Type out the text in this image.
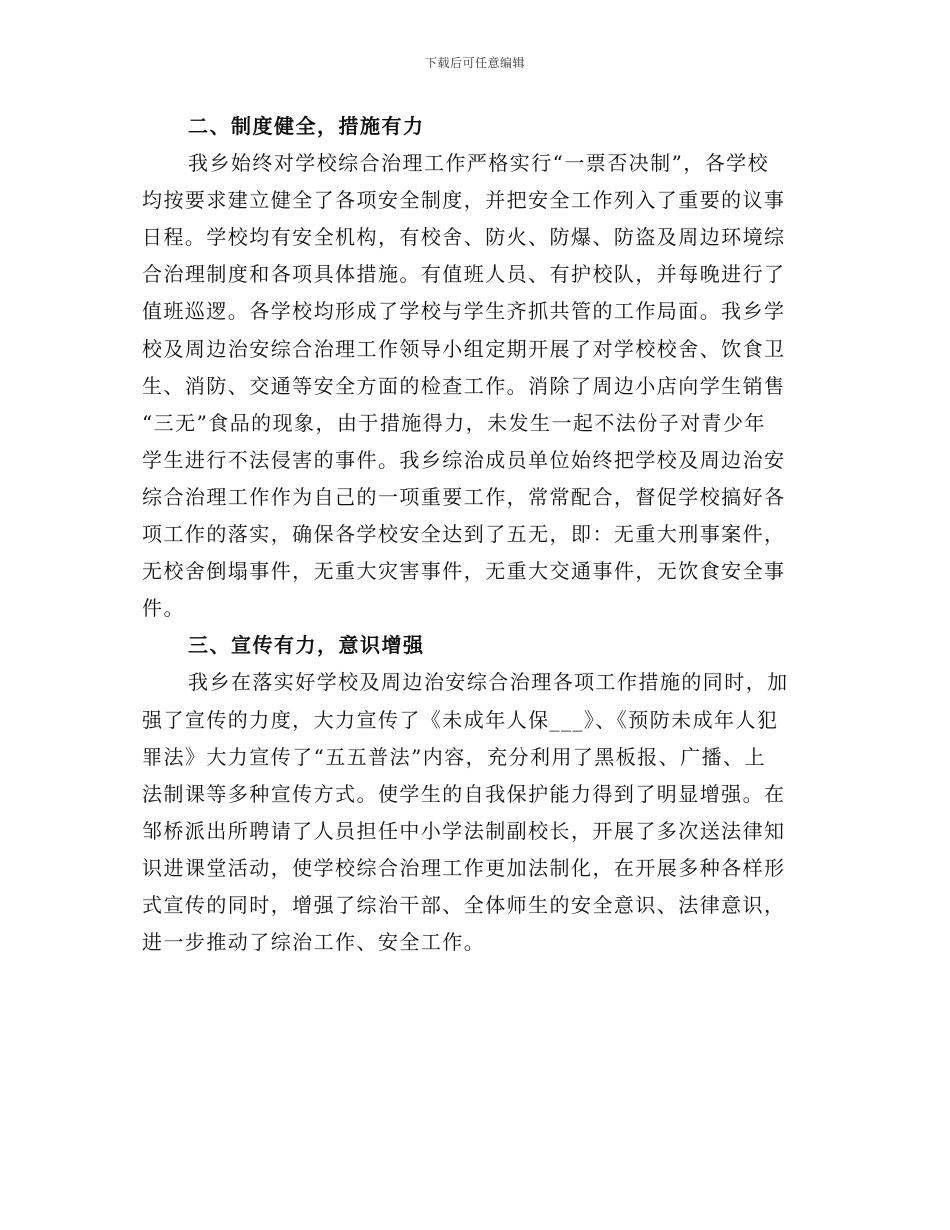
下载后可任意编辑
二、制度健全，措施有力
我乡始终对学校综合治理工作严格实行“一票否决制”，各学校
均按要求建立健全了各项安全制度，并把安全工作列入了重要的议事
日程。学校均有安全机构，有校舍、防火、防爆、防盗及周边环境综
合治理制度和各项具体措施。有值班人员、有护校队，并每晚进行了
值班巡逻。各学校均形成了学校与学生齐抓共管的工作局面。我乡学
校及周边治安综合治理工作领导小组定期开展了对学校校舍、饮食卫
生、消防、交通等安全方面的检查工作。消除了周边小店向学生销售
“三无”食品的现象，由于措施得力，未发生一起不法份子对青少年
学生进行不法侵害的事件。我乡综治成员单位始终把学校及周边治安
综合治理工作作为自己的一项重要工作，常常配合，督促学校搞好各
项工作的落实，确保各学校安全达到了五无，即：无重大刑事案件，
无校舍倒塌事件，无重大灾害事件，无重大交通事件，无饮食安全事
件。
三、宣传有力，意识增强
我乡在落实好学校及周边治安综合治理各项工作措施的同时，加
强了宣传的力度，大力宣传了《未成年人保___》、《预防未成年人犯
罪法》大力宣传了“五五普法”内容，充分利用了黑板报、广播、上
法制课等多种宣传方式。使学生的自我保护能力得到了明显增强。在
邹桥派出所聘请了人员担任中小学法制副校长，开展了多次送法律知
识进课堂活动，使学校综合治理工作更加法制化，在开展多种各样形
式宣传的同时，增强了综治干部、全体师生的安全意识、法律意识，
进一步推动了综治工作、安全工作。
